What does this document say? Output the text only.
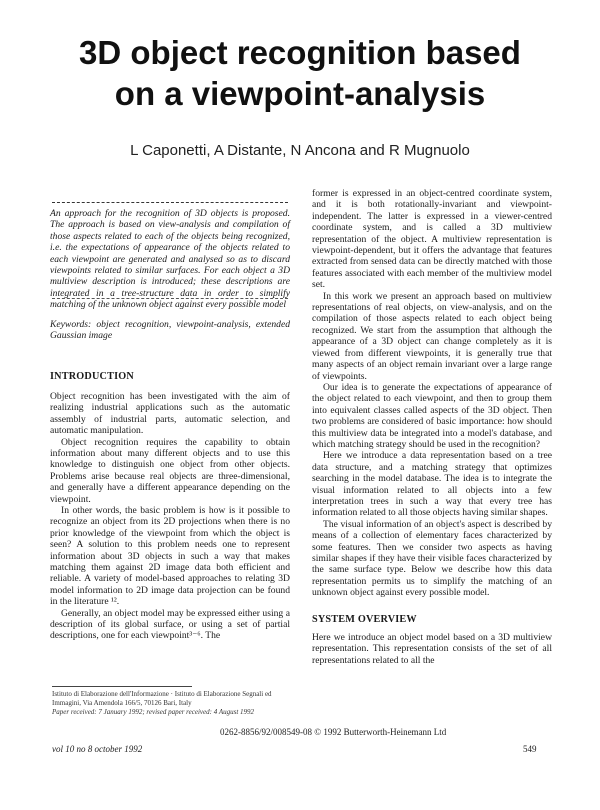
3D object recognition based
on a viewpoint-analysis
L Caponetti, A Distante, N Ancona and R Mugnuolo

An approach for the recognition of 3D objects is proposed. The approach is based on view-analysis and compilation of those aspects related to each of the objects being recognized, i.e. the expectations of appearance of the objects related to each viewpoint are generated and analysed so as to discard viewpoints related to similar surfaces. For each object a 3D multiview description is introduced; these descriptions are integrated in a tree-structure data in order to simplify matching of the unknown object against every possible model

Keywords: object recognition, viewpoint-analysis, extended Gaussian image

INTRODUCTION

Object recognition has been investigated with the aim of realizing industrial applications such as the automatic assembly of industrial parts, automatic selection, and automatic manipulation.

Object recognition requires the capability to obtain information about many different objects and to use this knowledge to distinguish one object from other objects. Problems arise because real objects are three-dimensional, and generally have a different appearance depending on the viewpoint.

In other words, the basic problem is how is it possible to recognize an object from its 2D projections when there is no prior knowledge of the viewpoint from which the object is seen? A solution to this problem needs one to represent information about 3D objects in such a way that makes matching them against 2D image data both efficient and reliable. A variety of model-based approaches to relating 3D model information to 2D image data projection can be found in the literature ¹².

Generally, an object model may be expressed either using a description of its global surface, or using a set of partial descriptions, one for each viewpoint³⁻⁶. The

Istituto di Elaborazione dell'Informazione · Istituto di Elaborazione Segnali ed Immagini, Via Amendola 166/5, 70126 Bari, Italy
Paper received: 7 January 1992; revised paper received: 4 August 1992

former is expressed in an object-centred coordinate system, and it is both rotationally-invariant and viewpoint-independent. The latter is expressed in a viewer-centred coordinate system, and is called a 3D multiview representation of the object. A multiview representation is viewpoint-dependent, but it offers the advantage that features extracted from sensed data can be directly matched with those features associated with each member of the multiview model set.

In this work we present an approach based on multiview representations of real objects, on view-analysis, and on the compilation of those aspects related to each object being recognized. We start from the assumption that although the appearance of a 3D object can change completely as it is viewed from different viewpoints, it is generally true that many aspects of an object remain invariant over a large range of viewpoints.

Our idea is to generate the expectations of appearance of the object related to each viewpoint, and then to group them into equivalent classes called aspects of the 3D object. Then two problems are considered of basic importance: how should this multiview data be integrated into a model's database, and which matching strategy should be used in the recognition?

Here we introduce a data representation based on a tree data structure, and a matching strategy that optimizes searching in the model database. The idea is to integrate the visual information related to all objects into a few interpretation trees in such a way that every tree has information related to all those objects having similar shapes.

The visual information of an object's aspect is described by means of a collection of elementary faces characterized by some features. Then we consider two aspects as having similar shapes if they have their visible faces characterized by the same surface type. Below we describe how this data representation permits us to simplify the matching of an unknown object against every possible model.

SYSTEM OVERVIEW

Here we introduce an object model based on a 3D multiview representation. This representation consists of the set of all representations related to all the

0262-8856/92/008549-08 © 1992 Butterworth-Heinemann Ltd
vol 10 no 8 october 1992	549
